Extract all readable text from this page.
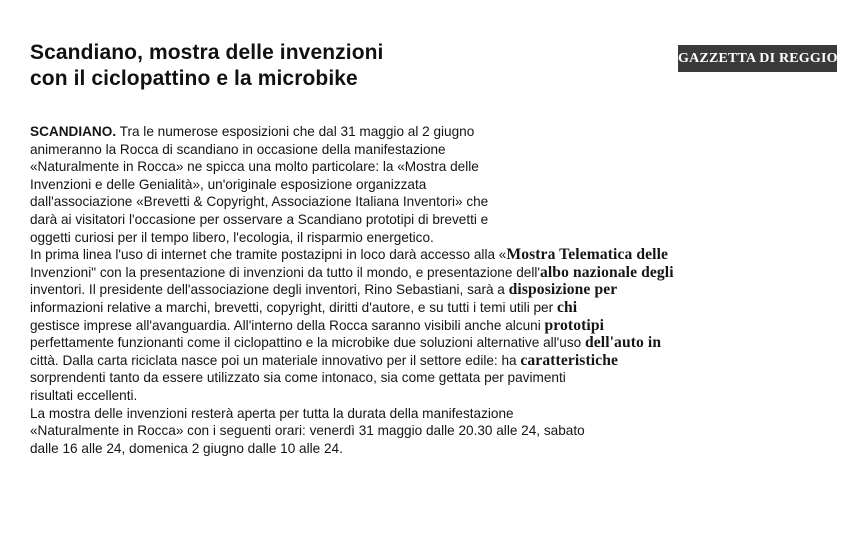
Scandiano, mostra delle invenzioni
con il ciclopattino e la microbike
GAZZETTA DI REGGIO
SCANDIANO. Tra le numerose esposizioni che dal 31 maggio al 2 giugno
animeranno la Rocca di scandiano in occasione della manifestazione
«Naturalmente in Rocca» ne spicca una molto particolare: la «Mostra delle
Invenzioni e delle Genialità», un'originale esposizione organizzata
dall'associazione «Brevetti & Copyright, Associazione Italiana Inventori» che
darà ai visitatori l'occasione per osservare a Scandiano prototipi di brevetti e
oggetti curiosi per il tempo libero, l'ecologia, il risparmio energetico.
In prima linea l'uso di internet che tramite postazipni in loco darà accesso alla «Mostra Telematica delle
Invenzioni" con la presentazione di invenzioni da tutto il mondo, e presentazione dell'albo nazionale degli
inventori. Il presidente dell'associazione degli inventori, Rino Sebastiani, sarà a disposizione per
informazioni relative a marchi, brevetti, copyright, diritti d'autore, e su tutti i temi utili per chi
gestisce imprese all'avanguardia. All'interno della Rocca saranno visibili anche alcuni prototipi
perfettamente funzionanti come il ciclopattino e la microbike due soluzioni alternative all'uso dell'auto in
città. Dalla carta riciclata nasce poi un materiale innovativo per il settore edile: ha caratteristiche
sorprendenti tanto da essere utilizzato sia come intonaco, sia come gettata per pavimenti
risultati eccellenti.
La mostra delle invenzioni resterà aperta per tutta la durata della manifestazione
«Naturalmente in Rocca» con i seguenti orari: venerdì 31 maggio dalle 20.30 alle 24, sabato
dalle 16 alle 24, domenica 2 giugno dalle 10 alle 24.
